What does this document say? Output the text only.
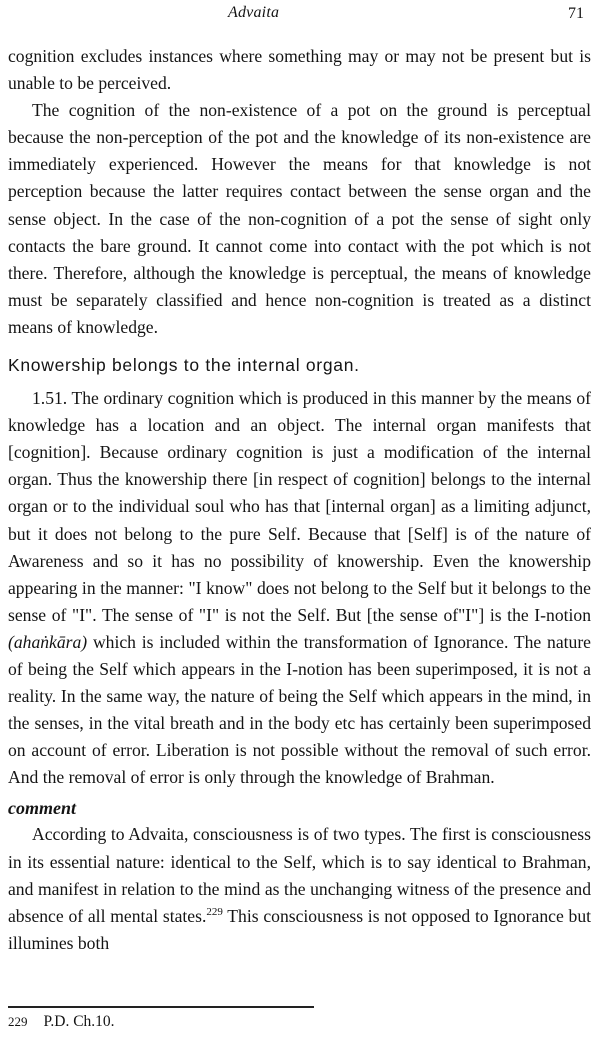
Advaita	71

cognition excludes instances where something may or may not be present but is unable to be perceived.

The cognition of the non-existence of a pot on the ground is perceptual because the non-perception of the pot and the knowledge of its non-existence are immediately experienced. However the means for that knowledge is not perception because the latter requires contact between the sense organ and the sense object. In the case of the non-cognition of a pot the sense of sight only contacts the bare ground. It cannot come into contact with the pot which is not there. Therefore, although the knowledge is perceptual, the means of knowledge must be separately classified and hence non-cognition is treated as a distinct means of knowledge.

Knowership belongs to the internal organ.

1.51. The ordinary cognition which is produced in this manner by the means of knowledge has a location and an object. The internal organ manifests that [cognition]. Because ordinary cognition is just a modification of the internal organ. Thus the knowership there [in respect of cognition] belongs to the internal organ or to the individual soul who has that [internal organ] as a limiting adjunct, but it does not belong to the pure Self. Because that [Self] is of the nature of Awareness and so it has no possibility of knowership. Even the knowership appearing in the manner: "I know" does not belong to the Self but it belongs to the sense of "I". The sense of "I" is not the Self. But [the sense of"I"] is the I-notion (ahaṅkāra) which is included within the transformation of Ignorance. The nature of being the Self which appears in the I-notion has been superimposed, it is not a reality. In the same way, the nature of being the Self which appears in the mind, in the senses, in the vital breath and in the body etc has certainly been superimposed on account of error. Liberation is not possible without the removal of such error. And the removal of error is only through the knowledge of Brahman.

comment

According to Advaita, consciousness is of two types. The first is consciousness in its essential nature: identical to the Self, which is to say identical to Brahman, and manifest in relation to the mind as the unchanging witness of the presence and absence of all mental states.$^{229}$ This consciousness is not opposed to Ignorance but illumines both

229 P.D. Ch.10.
